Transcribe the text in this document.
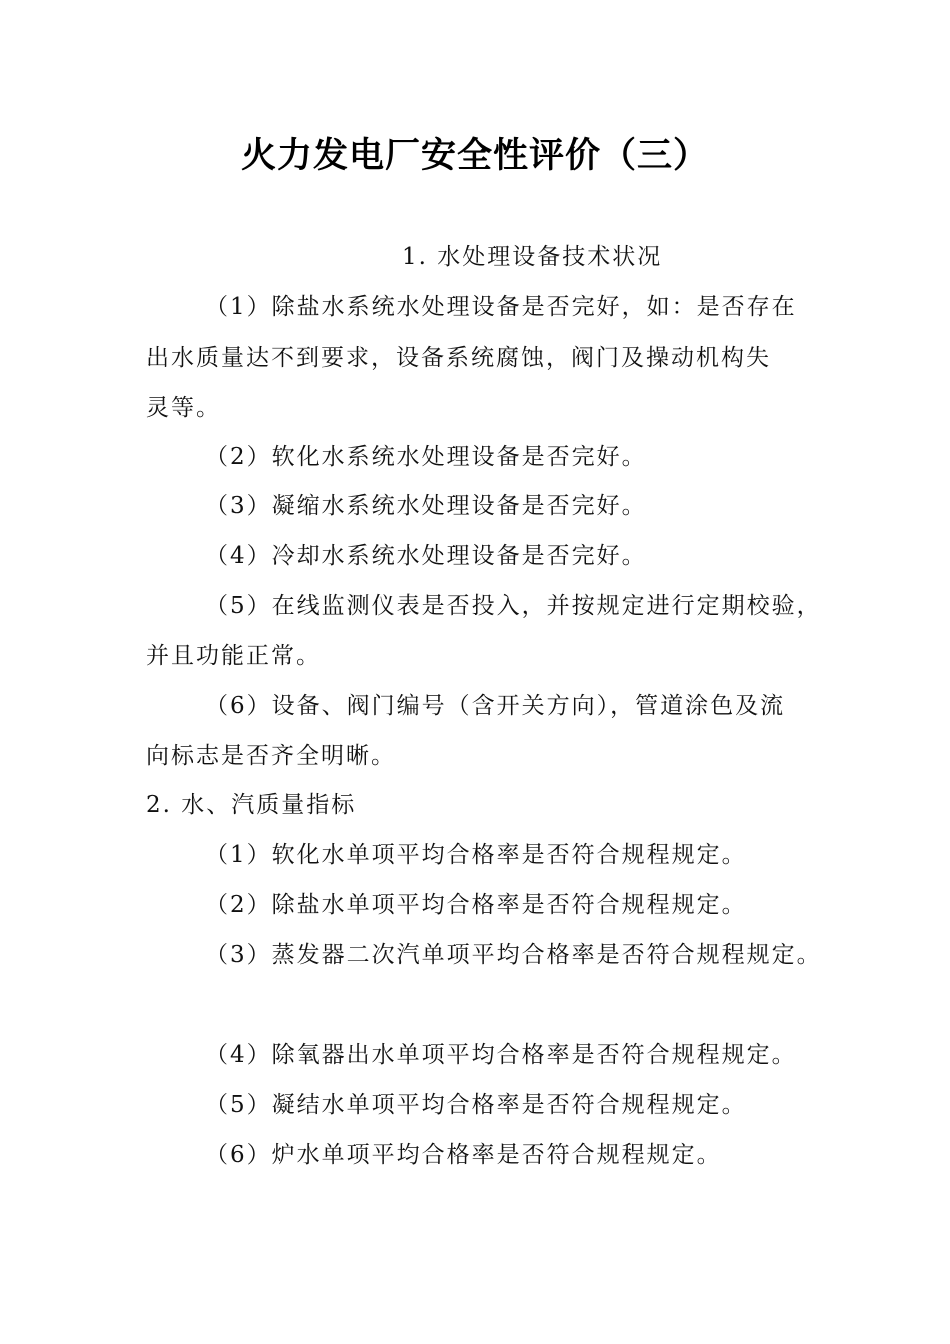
火力发电厂安全性评价（三）
1. 水处理设备技术状况
（1）除盐水系统水处理设备是否完好，如：是否存在
出水质量达不到要求，设备系统腐蚀，阀门及操动机构失
灵等。
（2）软化水系统水处理设备是否完好。
（3）凝缩水系统水处理设备是否完好。
（4）冷却水系统水处理设备是否完好。
（5）在线监测仪表是否投入，并按规定进行定期校验，
并且功能正常。
（6）设备、阀门编号（含开关方向），管道涂色及流
向标志是否齐全明晰。
2. 水、汽质量指标
（1）软化水单项平均合格率是否符合规程规定。
（2）除盐水单项平均合格率是否符合规程规定。
（3）蒸发器二次汽单项平均合格率是否符合规程规定。
（4）除氧器出水单项平均合格率是否符合规程规定。
（5）凝结水单项平均合格率是否符合规程规定。
（6）炉水单项平均合格率是否符合规程规定。
